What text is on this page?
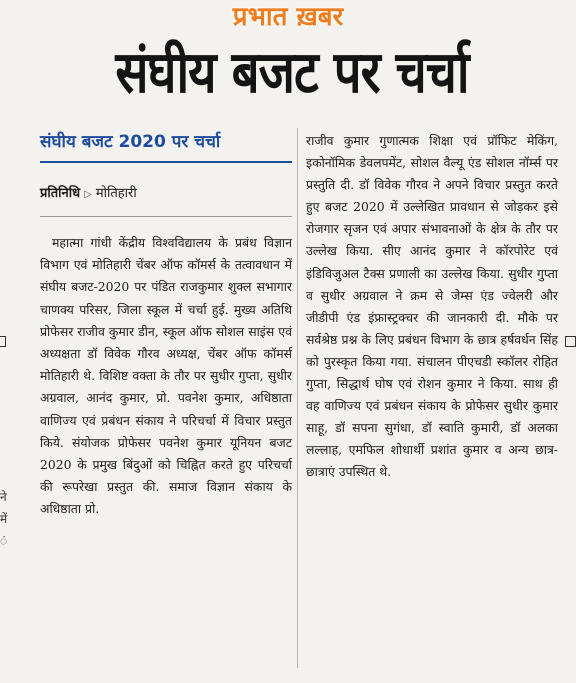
प्रभात ख़बर
संघीय बजट पर चर्चा
संघीय बजट 2020 पर चर्चा
प्रतिनिधि ▷ मोतिहारी
महात्मा गांधी केंद्रीय विश्वविद्यालय के प्रबंध विज्ञान विभाग एवं मोतिहारी चेंबर ऑफ कॉमर्स के तत्वावधान में संघीय बजट-2020 पर पंडित राजकुमार शुक्ल सभागार चाणक्य परिसर, जिला स्कूल में चर्चा हुई. मुख्य अतिथि प्रोफेसर राजीव कुमार डीन, स्कूल ऑफ सोशल साइंस एवं अध्यक्षता डॉ विवेक गौरव अध्यक्ष, चेंबर ऑफ कॉमर्स मोतिहारी थे. विशिष्ट वक्ता के तौर पर सुधीर गुप्ता, सुधीर अग्रवाल, आनंद कुमार, प्रो. पवनेश कुमार, अधिष्ठाता वाणिज्य एवं प्रबंधन संकाय ने परिचर्चा में विचार प्रस्तुत किये. संयोजक प्रोफेसर पवनेश कुमार यूनियन बजट 2020 के प्रमुख बिंदुओं को चिह्नित करते हुए परिचर्चा की रूपरेखा प्रस्तुत की. समाज विज्ञान संकाय के अधिष्ठाता प्रो.
राजीव कुमार गुणात्मक शिक्षा एवं प्रॉफिट मेकिंग, इकोनॉमिक डेवलपमेंट, सोशल वैल्यू एंड सोशल नॉर्म्स पर प्रस्तुति दी. डॉ विवेक गौरव ने अपने विचार प्रस्तुत करते हुए बजट 2020 में उल्लेखित प्रावधान से जोड़कर इसे रोजगार सृजन एवं अपार संभावनाओं के क्षेत्र के तौर पर उल्लेख किया. सीए आनंद कुमार ने कॉरपोरेट एवं इंडिविजुअल टैक्स प्रणाली का उल्लेख किया. सुधीर गुप्ता व सुधीर अग्रवाल ने क्रम से जेम्स एंड ज्वेलरी और जीडीपी एंड इंफ्रास्ट्रक्चर की जानकारी दी. मौके पर सर्वश्रेष्ठ प्रश्न के लिए प्रबंधन विभाग के छात्र हर्षवर्धन सिंह को पुरस्कृत किया गया. संचालन पीएचडी स्कॉलर रोहित गुप्ता, सिद्धार्थ घोष एवं रोशन कुमार ने किया. साथ ही वह वाणिज्य एवं प्रबंधन संकाय के प्रोफेसर सुधीर कुमार साहू, डॉ सपना सुगंधा, डॉ स्वाति कुमारी, डॉ अलका लल्लाह, एमफिल शोधार्थी प्रशांत कुमार व अन्य छात्र-छात्राएं उपस्थित थे.
ने
में
ं
